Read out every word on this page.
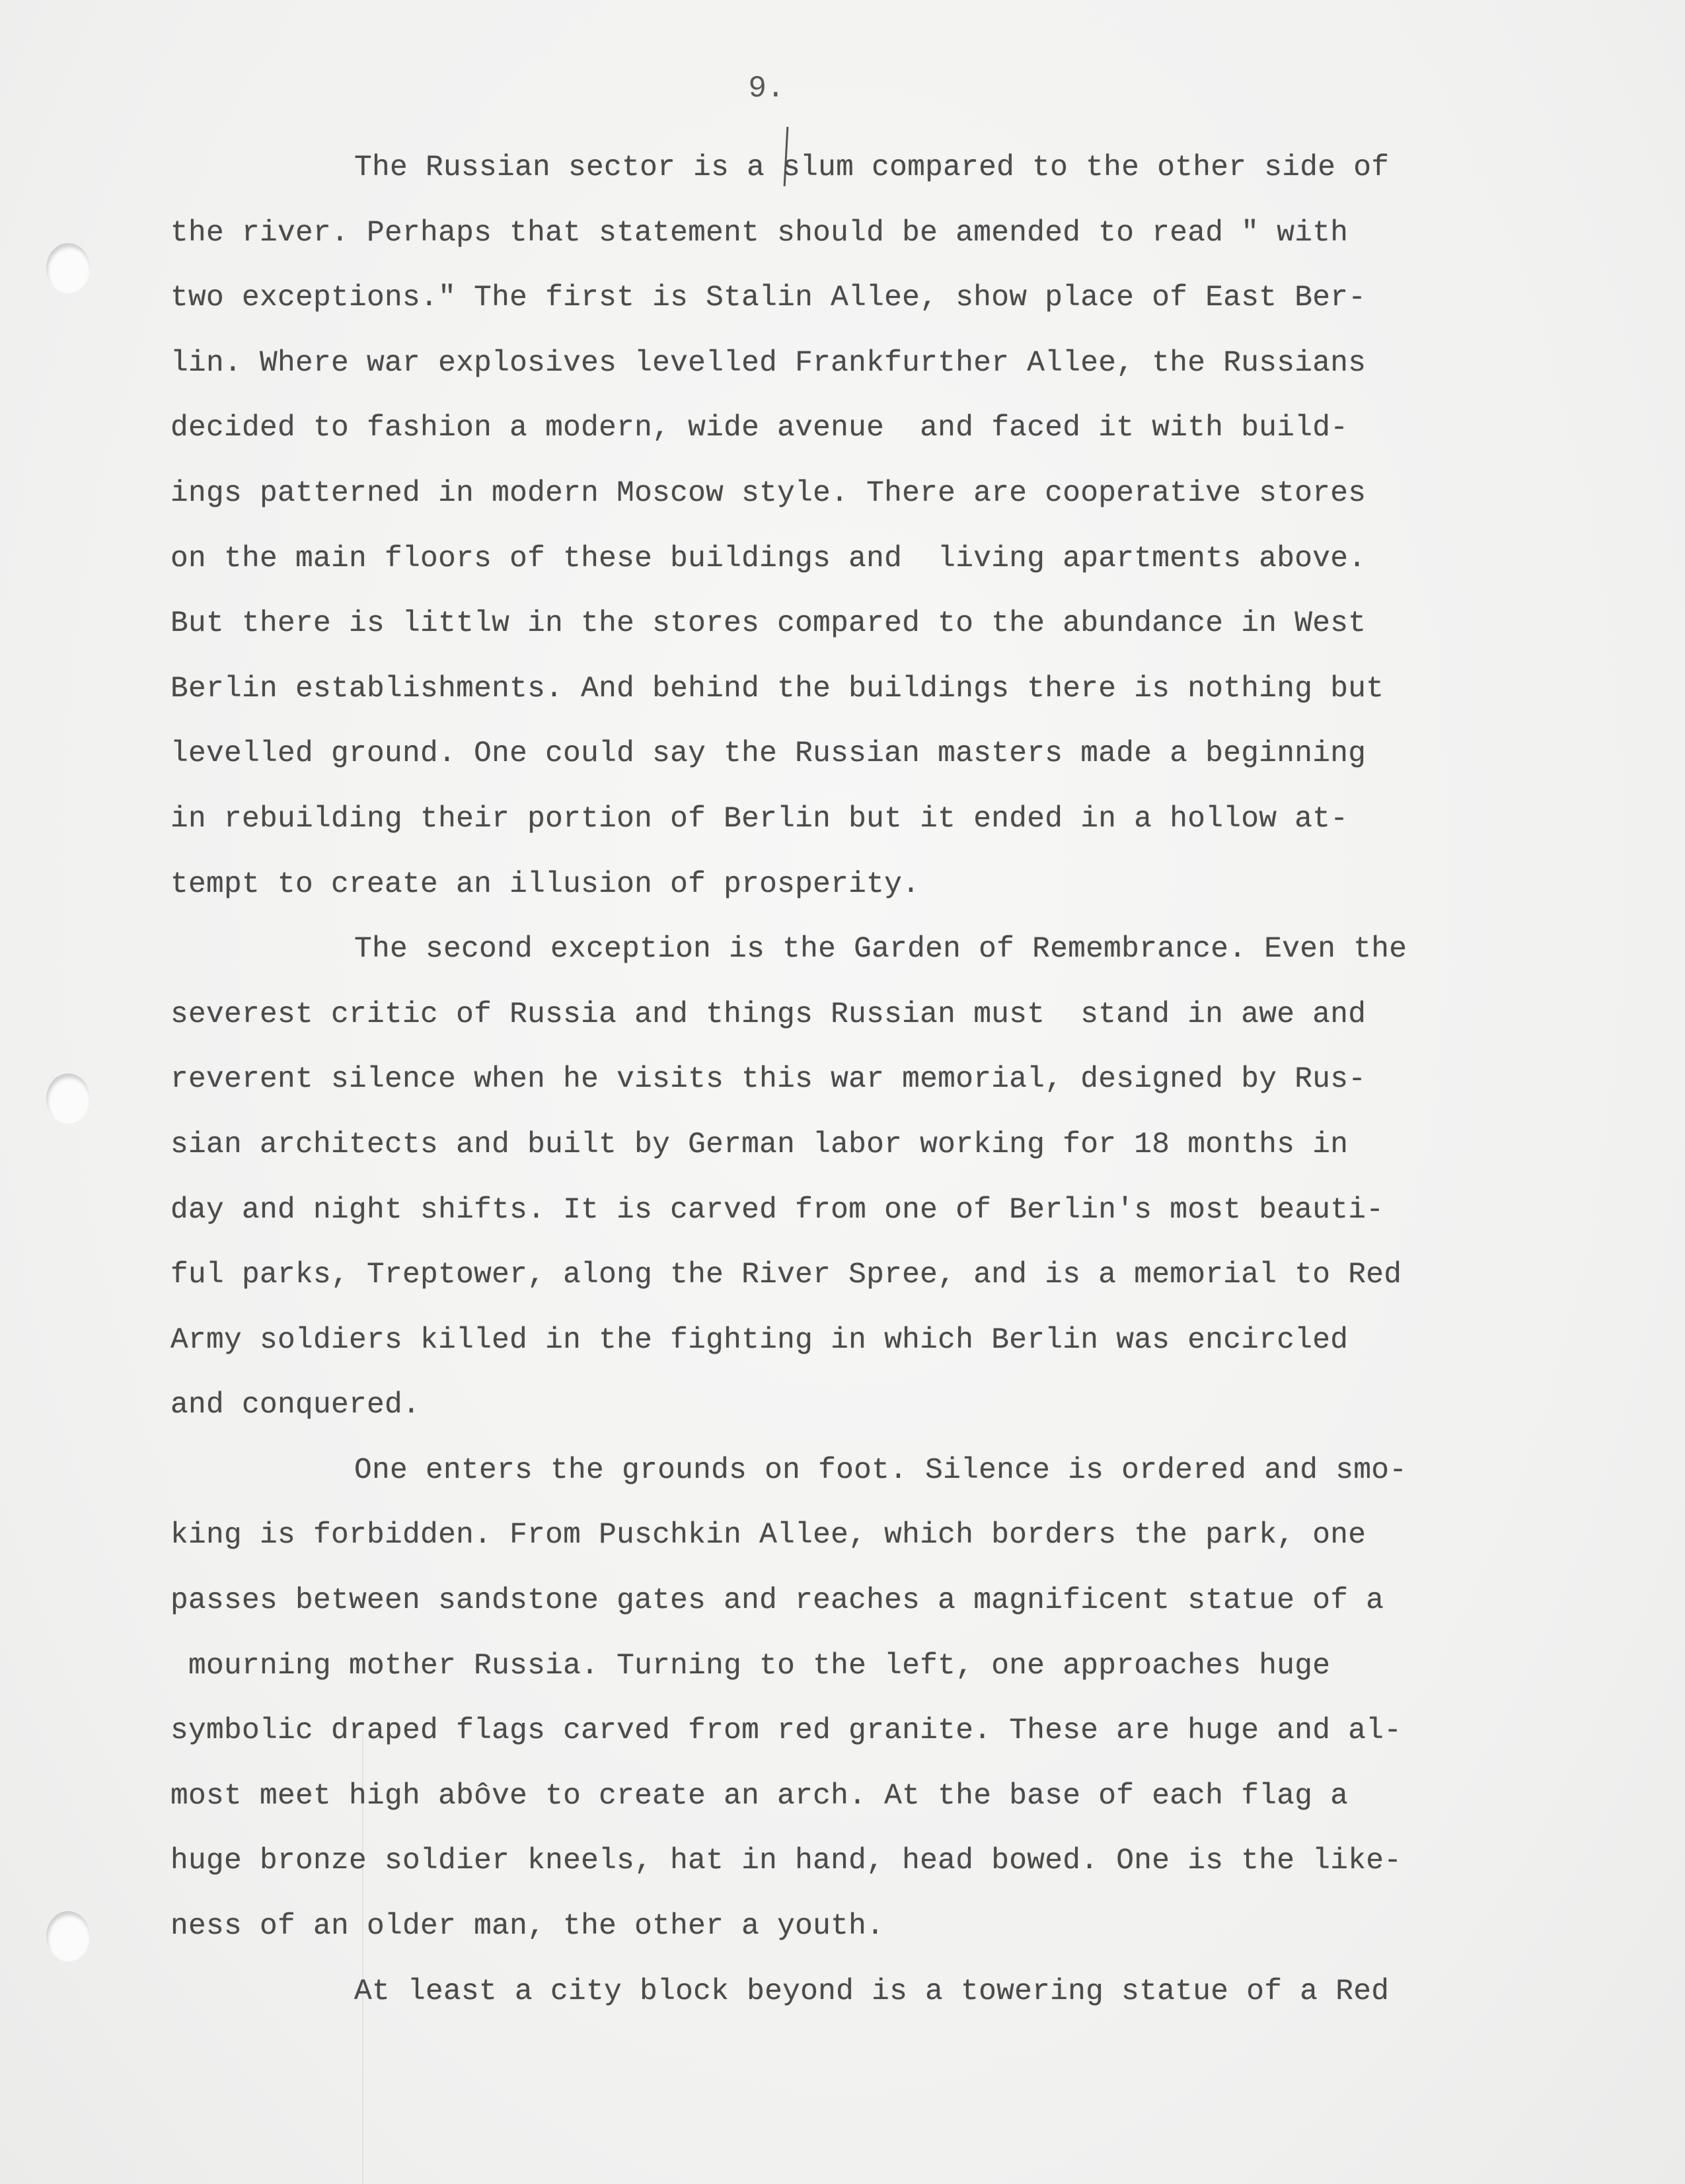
9.
The Russian sector is a slum compared to the other side of
the river. Perhaps that statement should be amended to read " with
two exceptions." The first is Stalin Allee, show place of East Ber-
lin. Where war explosives levelled Frankfurther Allee, the Russians
decided to fashion a modern, wide avenue  and faced it with build-
ings patterned in modern Moscow style. There are cooperative stores
on the main floors of these buildings and  living apartments above.
But there is littlw in the stores compared to the abundance in West
Berlin establishments. And behind the buildings there is nothing but
levelled ground. One could say the Russian masters made a beginning
in rebuilding their portion of Berlin but it ended in a hollow at-
tempt to create an illusion of prosperity.
The second exception is the Garden of Remembrance. Even the
severest critic of Russia and things Russian must  stand in awe and
reverent silence when he visits this war memorial, designed by Rus-
sian architects and built by German labor working for 18 months in
day and night shifts. It is carved from one of Berlin's most beauti-
ful parks, Treptower, along the River Spree, and is a memorial to Red
Army soldiers killed in the fighting in which Berlin was encircled
and conquered.
One enters the grounds on foot. Silence is ordered and smo-
king is forbidden. From Puschkin Allee, which borders the park, one
passes between sandstone gates and reaches a magnificent statue of a
mourning mother Russia. Turning to the left, one approaches huge
symbolic draped flags carved from red granite. These are huge and al-
most meet high abôve to create an arch. At the base of each flag a
huge bronze soldier kneels, hat in hand, head bowed. One is the like-
ness of an older man, the other a youth.
At least a city block beyond is a towering statue of a Red
